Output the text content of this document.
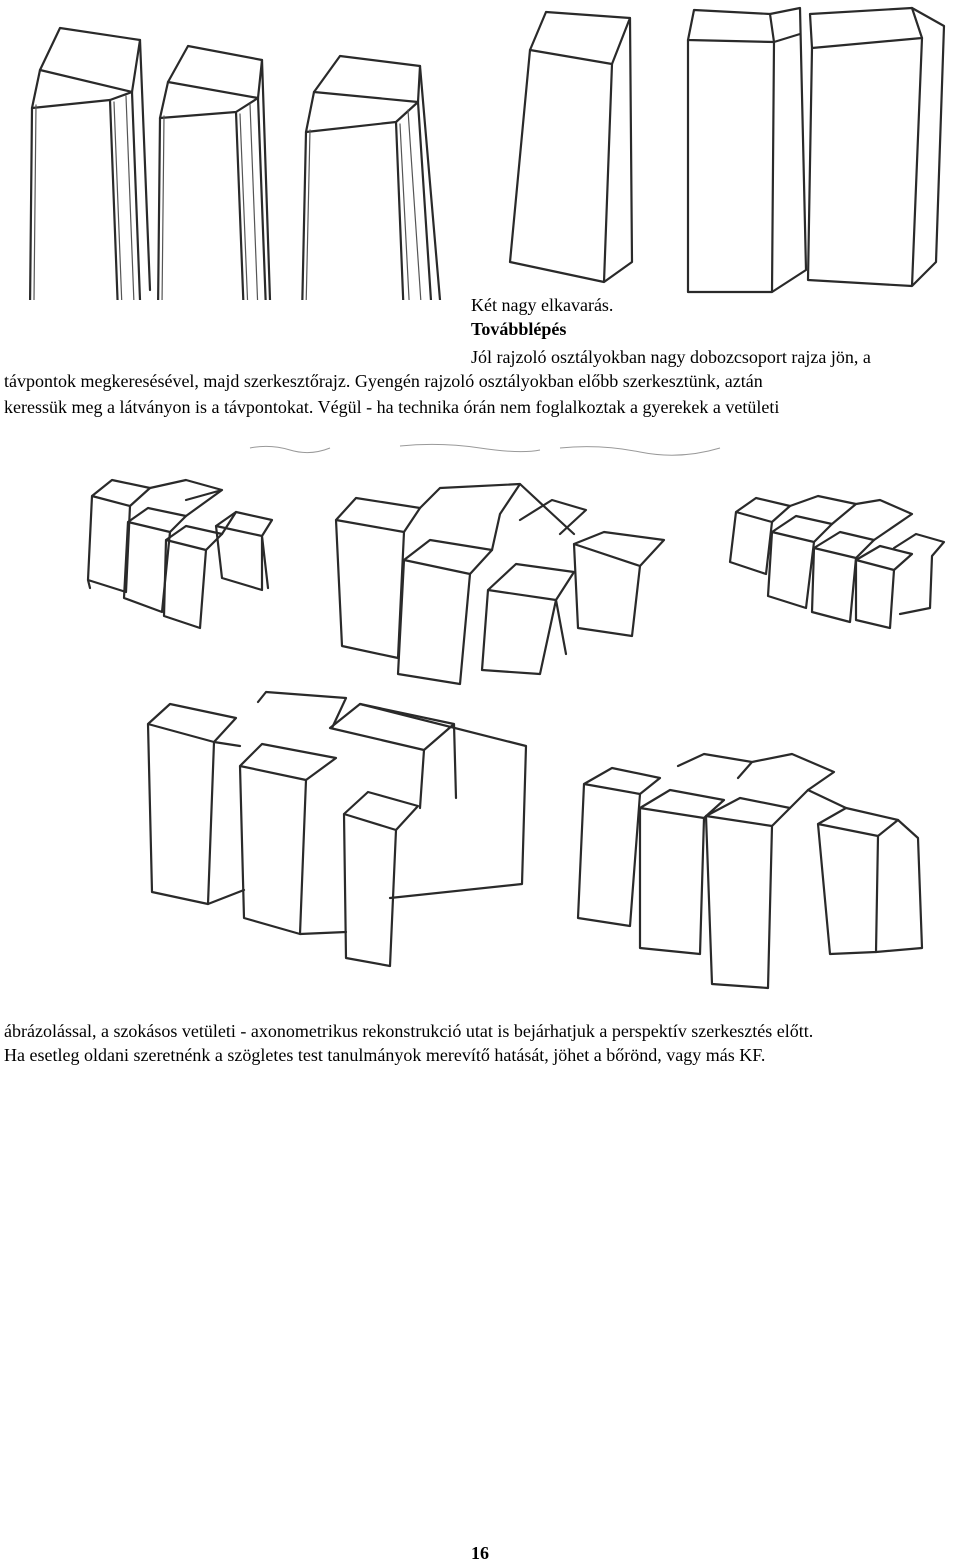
Két nagy elkavarás.
Továbblépés
Jól rajzoló osztályokban nagy dobozcsoport rajza jön, a
távpontok megkeresésével, majd szerkesztőrajz. Gyengén rajzoló osztályokban előbb szerkesztünk, aztán
keressük meg a látványon is a távpontokat. Végül - ha technika órán nem foglalkoztak a gyerekek a vetületi
ábrázolással, a szokásos vetületi - axonometrikus rekonstrukció utat is bejárhatjuk a perspektív szerkesztés előtt.
Ha esetleg oldani szeretnénk a szögletes test tanulmányok merevítő hatását, jöhet a bőrönd, vagy más KF.
16
